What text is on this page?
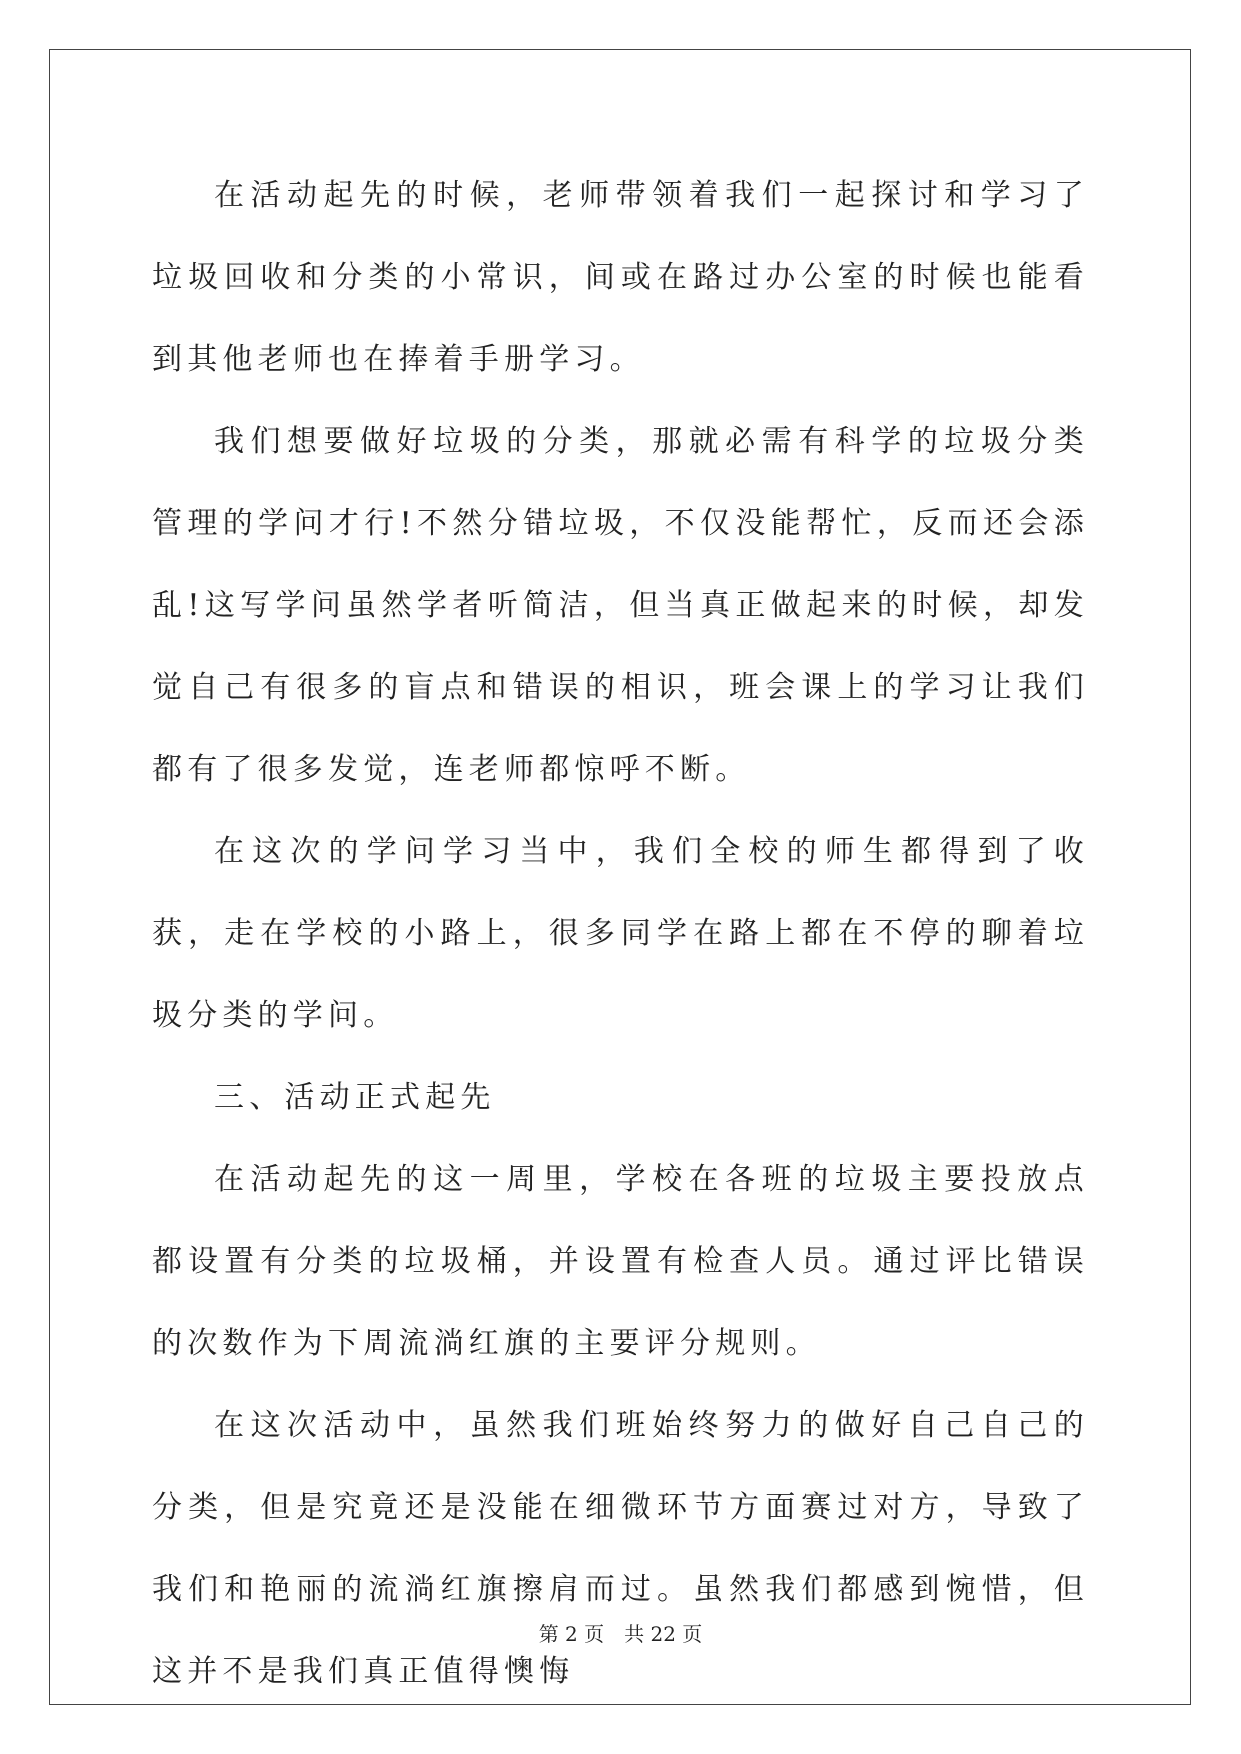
在活动起先的时候，老师带领着我们一起探讨和学习了垃圾回收和分类的小常识，间或在路过办公室的时候也能看到其他老师也在捧着手册学习。

我们想要做好垃圾的分类，那就必需有科学的垃圾分类管理的学问才行!不然分错垃圾，不仅没能帮忙，反而还会添乱!这写学问虽然学者听简洁，但当真正做起来的时候，却发觉自己有很多的盲点和错误的相识，班会课上的学习让我们都有了很多发觉，连老师都惊呼不断。

在这次的学问学习当中，我们全校的师生都得到了收获，走在学校的小路上，很多同学在路上都在不停的聊着垃圾分类的学问。

三、活动正式起先

在活动起先的这一周里，学校在各班的垃圾主要投放点都设置有分类的垃圾桶，并设置有检查人员。通过评比错误的次数作为下周流淌红旗的主要评分规则。

在这次活动中，虽然我们班始终努力的做好自己自己的分类，但是究竟还是没能在细微环节方面赛过对方，导致了我们和艳丽的流淌红旗擦肩而过。虽然我们都感到惋惜，但这并不是我们真正值得懊悔

第 2 页　共 22 页
